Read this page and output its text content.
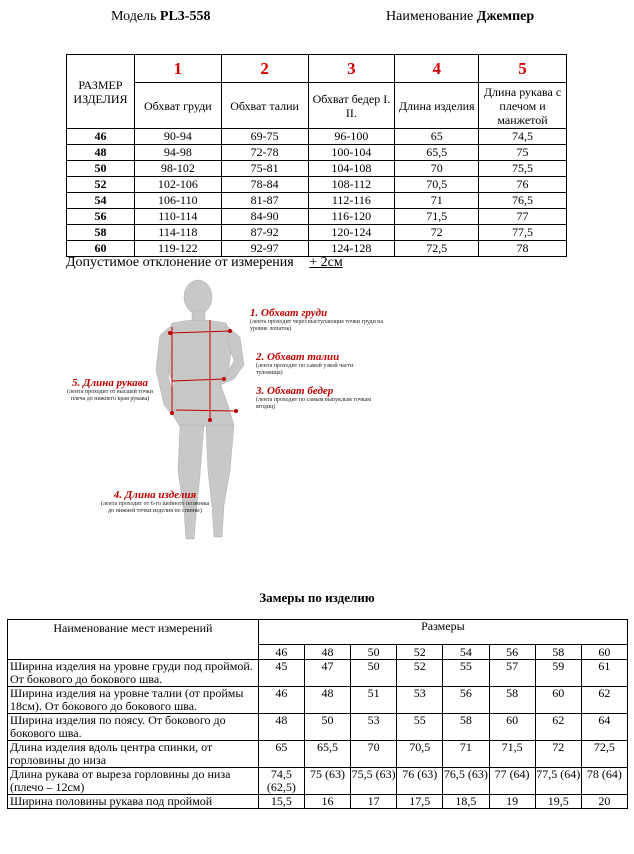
Модель PL3-558	Наименование Джемпер
РАЗМЕР ИЗДЕЛИЯ	1	2	3	4	5
	Обхват груди	Обхват талии	Обхват бедер I. II.	Длина изделия	Длина рукава с плечом и манжетой
46	90-94	69-75	96-100	65	74,5
48	94-98	72-78	100-104	65,5	75
50	98-102	75-81	104-108	70	75,5
52	102-106	78-84	108-112	70,5	76
54	106-110	81-87	112-116	71	76,5
56	110-114	84-90	116-120	71,5	77
58	114-118	87-92	120-124	72	77,5
60	119-122	92-97	124-128	72,5	78
Допустимое отклонение от измерения + 2см
1. Обхват груди
(лента проходит через выступающие точки груди на уровне лопаток)
2. Обхват талии
(лента проходит по самой узкой части туловища)
3. Обхват бедер
(лента проходит по самым выпуклым точкам ягодиц)
5. Длина рукава
(лента проходит от высшей точки плеча до нижнего края рукава)
4. Длина изделия
(лента проходит от 6-го шейного позвонка до нижней точки изделия по спинке)
Замеры по изделию
Наименование мест измерений	Размеры							
	46	48	50	52	54	56	58	60
Ширина изделия на уровне груди под проймой. От бокового до бокового шва.	45	47	50	52	55	57	59	61
Ширина изделия на уровне талии (от проймы 18см). От бокового до бокового шва.	46	48	51	53	56	58	60	62
Ширина изделия по поясу. От бокового до бокового шва.	48	50	53	55	58	60	62	64
Длина изделия вдоль центра спинки, от горловины до низа	65	65,5	70	70,5	71	71,5	72	72,5
Длина рукава от выреза горловины до низа (плечо – 12см)	74,5 (62,5)	75 (63)	75,5 (63)	76 (63)	76,5 (63)	77 (64)	77,5 (64)	78 (64)
Ширина половины рукава под проймой	15,5	16	17	17,5	18,5	19	19,5	20
